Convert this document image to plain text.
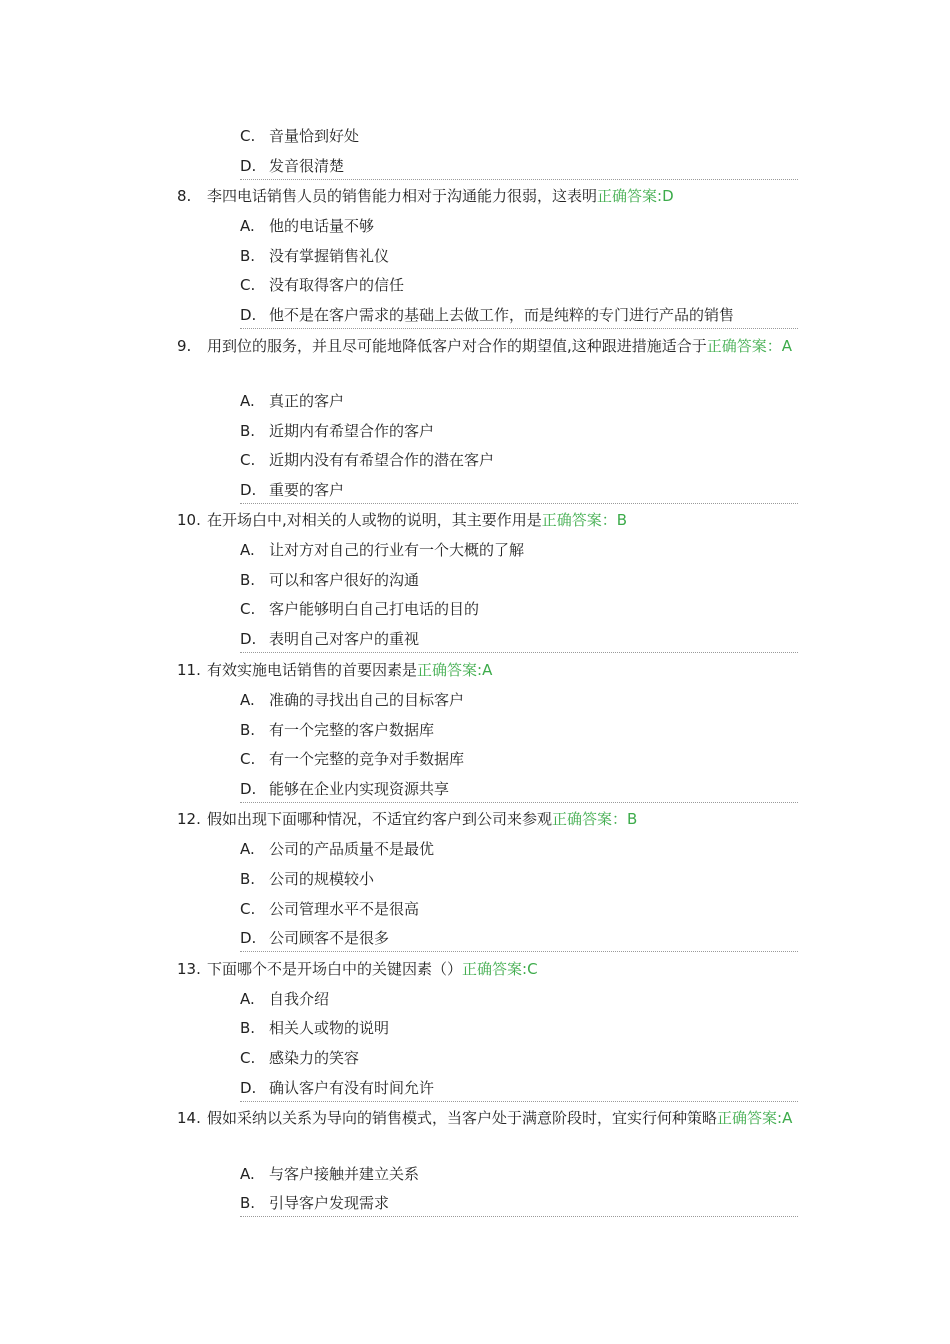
C. 音量恰到好处
D. 发音很清楚
8.	李四电话销售人员的销售能力相对于沟通能力很弱，这表明正确答案:D
A. 他的电话量不够
B. 没有掌握销售礼仪
C. 没有取得客户的信任
D. 他不是在客户需求的基础上去做工作，而是纯粹的专门进行产品的销售
9.	用到位的服务，并且尽可能地降低客户对合作的期望值,这种跟进措施适合于正确答案：A
A. 真正的客户
B. 近期内有希望合作的客户
C. 近期内没有有希望合作的潜在客户
D. 重要的客户
10. 在开场白中,对相关的人或物的说明，其主要作用是正确答案：B
A. 让对方对自己的行业有一个大概的了解
B. 可以和客户很好的沟通
C. 客户能够明白自己打电话的目的
D. 表明自己对客户的重视
11. 有效实施电话销售的首要因素是正确答案:A
A. 准确的寻找出自己的目标客户
B. 有一个完整的客户数据库
C. 有一个完整的竞争对手数据库
D. 能够在企业内实现资源共享
12. 假如出现下面哪种情况，不适宜约客户到公司来参观正确答案：B
A. 公司的产品质量不是最优
B. 公司的规模较小
C. 公司管理水平不是很高
D. 公司顾客不是很多
13. 下面哪个不是开场白中的关键因素（）正确答案:C
A. 自我介绍
B. 相关人或物的说明
C. 感染力的笑容
D. 确认客户有没有时间允许
14. 假如采纳以关系为导向的销售模式，当客户处于满意阶段时，宜实行何种策略正确答案:A
A. 与客户接触并建立关系
B. 引导客户发现需求
